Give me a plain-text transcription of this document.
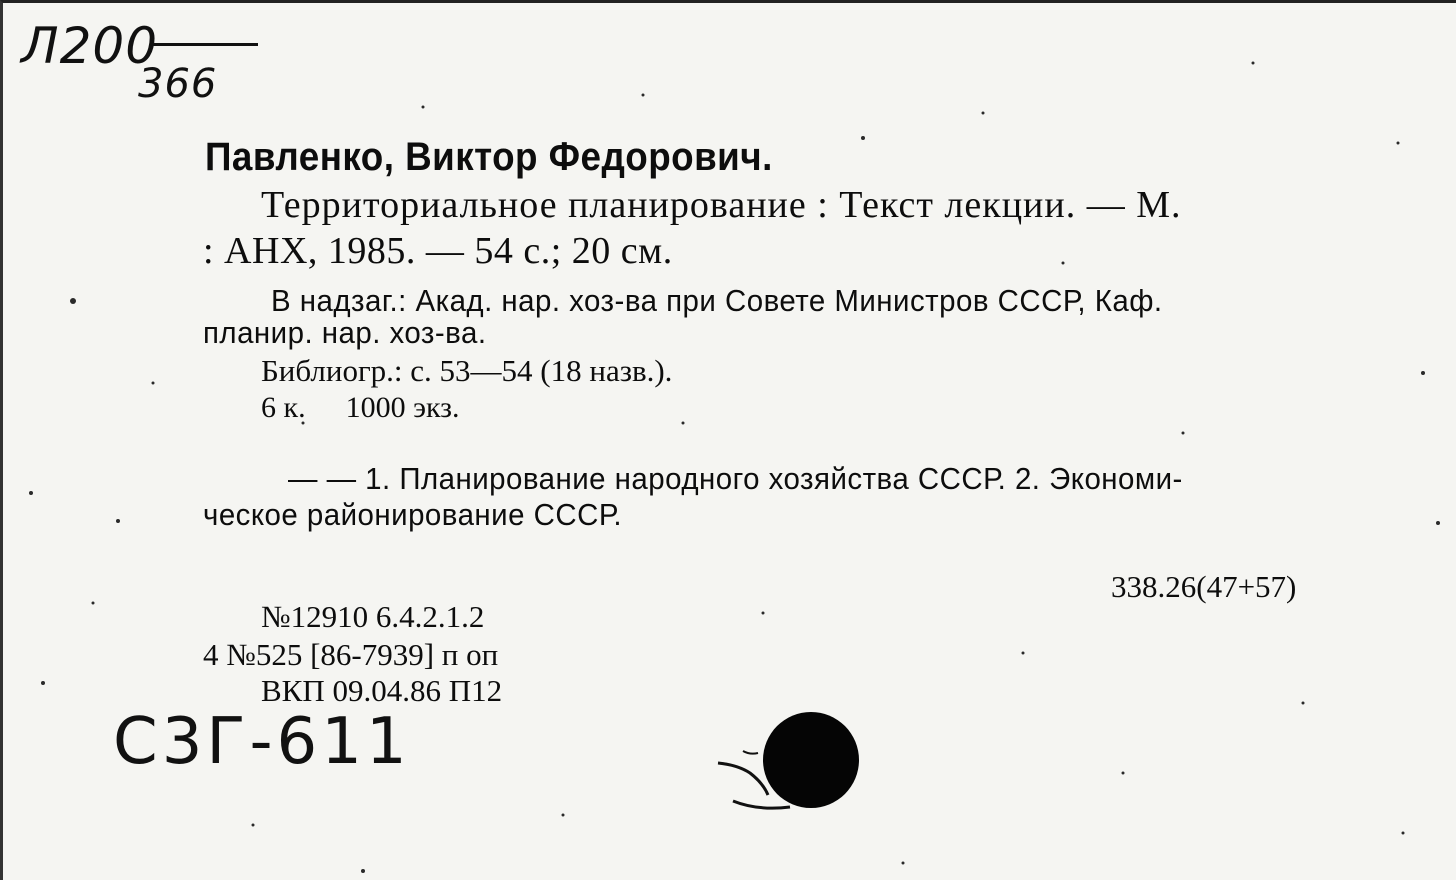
Л200
366
Павленко, Виктор Федорович.
Территориальное планирование : Текст лекции. — М.
: АНХ, 1985. — 54 с.; 20 см.
В надзаг.: Акад. нар. хоз-ва при Совете Министров СССР, Каф.
планир. нар. хоз-ва.
Библиогр.: с. 53—54 (18 назв.).
6 к. 1000 экз.
— — 1. Планирование народного хозяйства СССР. 2. Экономи-
ческое районирование СССР.
338.26(47+57)
№12910 6.4.2.1.2
4 №525 [86-7939] п оп
ВКП 09.04.86 П12
С3Г-611
